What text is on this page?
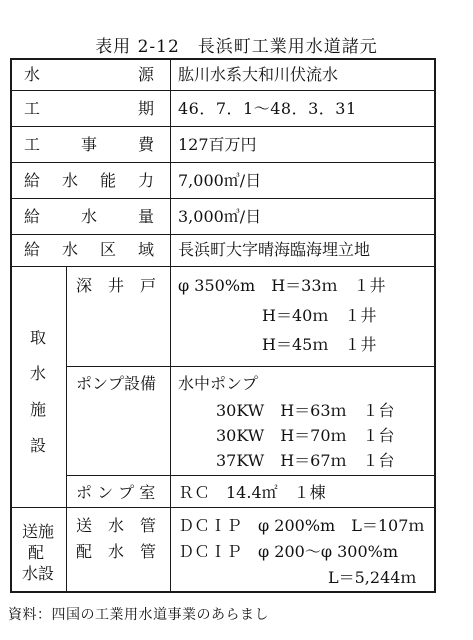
表用 2-12　長浜町工業用水道諸元
水	源 肱川水系大和川伏流水
工	期 46．7．1～48．3．31
工	事	費 127百万円
給 水 能 力 7,000㎥/日
給	水	量 3,000㎥/日
給 水 区 域 長浜町大字晴海臨海埋立地
取
水
施
設
深　井　戸 φ 350%m　H＝33ｍ　１井
H＝40ｍ　１井
H＝45ｍ　１井
ポンプ設備 水中ポンプ
30KW　H＝63ｍ　１台
30KW　H＝70ｍ　１台
37KW　H＝67ｍ　１台
ポ ン プ 室 ＲＣ　14.4㎡　１棟
送施
配
水設
送　水　管 ＤＣＩＰ　φ 200%m　L＝107ｍ
配　水　管 ＤＣＩＰ　φ 200～φ 300%m
L＝5,244ｍ
資料：四国の工業用水道事業のあらまし
